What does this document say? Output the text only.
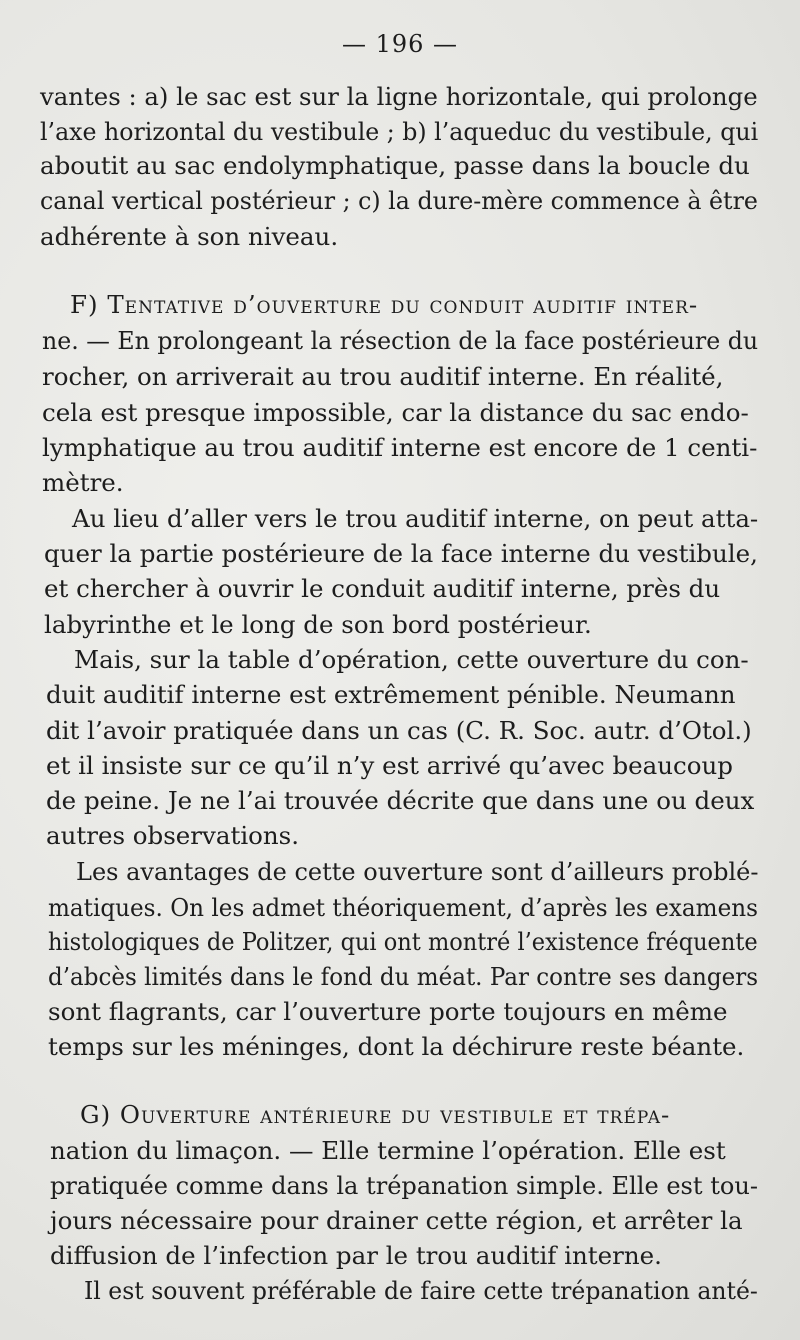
— 196 —
vantes : a) le sac est sur la ligne horizontale, qui prolonge
l’axe horizontal du vestibule ; b) l’aqueduc du vestibule, qui
aboutit au sac endolymphatique, passe dans la boucle du
canal vertical postérieur ; c) la dure-mère commence à être
adhérente à son niveau.
F) Tentative d’ouverture du conduit auditif inter-
ne. — En prolongeant la résection de la face postérieure du
rocher, on arriverait au trou auditif interne. En réalité,
cela est presque impossible, car la distance du sac endo-
lymphatique au trou auditif interne est encore de 1 centi-
mètre.
Au lieu d’aller vers le trou auditif interne, on peut atta-
quer la partie postérieure de la face interne du vestibule,
et chercher à ouvrir le conduit auditif interne, près du
labyrinthe et le long de son bord postérieur.
Mais, sur la table d’opération, cette ouverture du con-
duit auditif interne est extrêmement pénible. Neumann
dit l’avoir pratiquée dans un cas (C. R. Soc. autr. d’Otol.)
et il insiste sur ce qu’il n’y est arrivé qu’avec beaucoup
de peine. Je ne l’ai trouvée décrite que dans une ou deux
autres observations.
Les avantages de cette ouverture sont d’ailleurs problé-
matiques. On les admet théoriquement, d’après les examens
histologiques de Politzer, qui ont montré l’existence fréquente
d’abcès limités dans le fond du méat. Par contre ses dangers
sont flagrants, car l’ouverture porte toujours en même
temps sur les méninges, dont la déchirure reste béante.
G) Ouverture antérieure du vestibule et trépa-
nation du limaçon. — Elle termine l’opération. Elle est
pratiquée comme dans la trépanation simple. Elle est tou-
jours nécessaire pour drainer cette région, et arrêter la
diffusion de l’infection par le trou auditif interne.
Il est souvent préférable de faire cette trépanation anté-
